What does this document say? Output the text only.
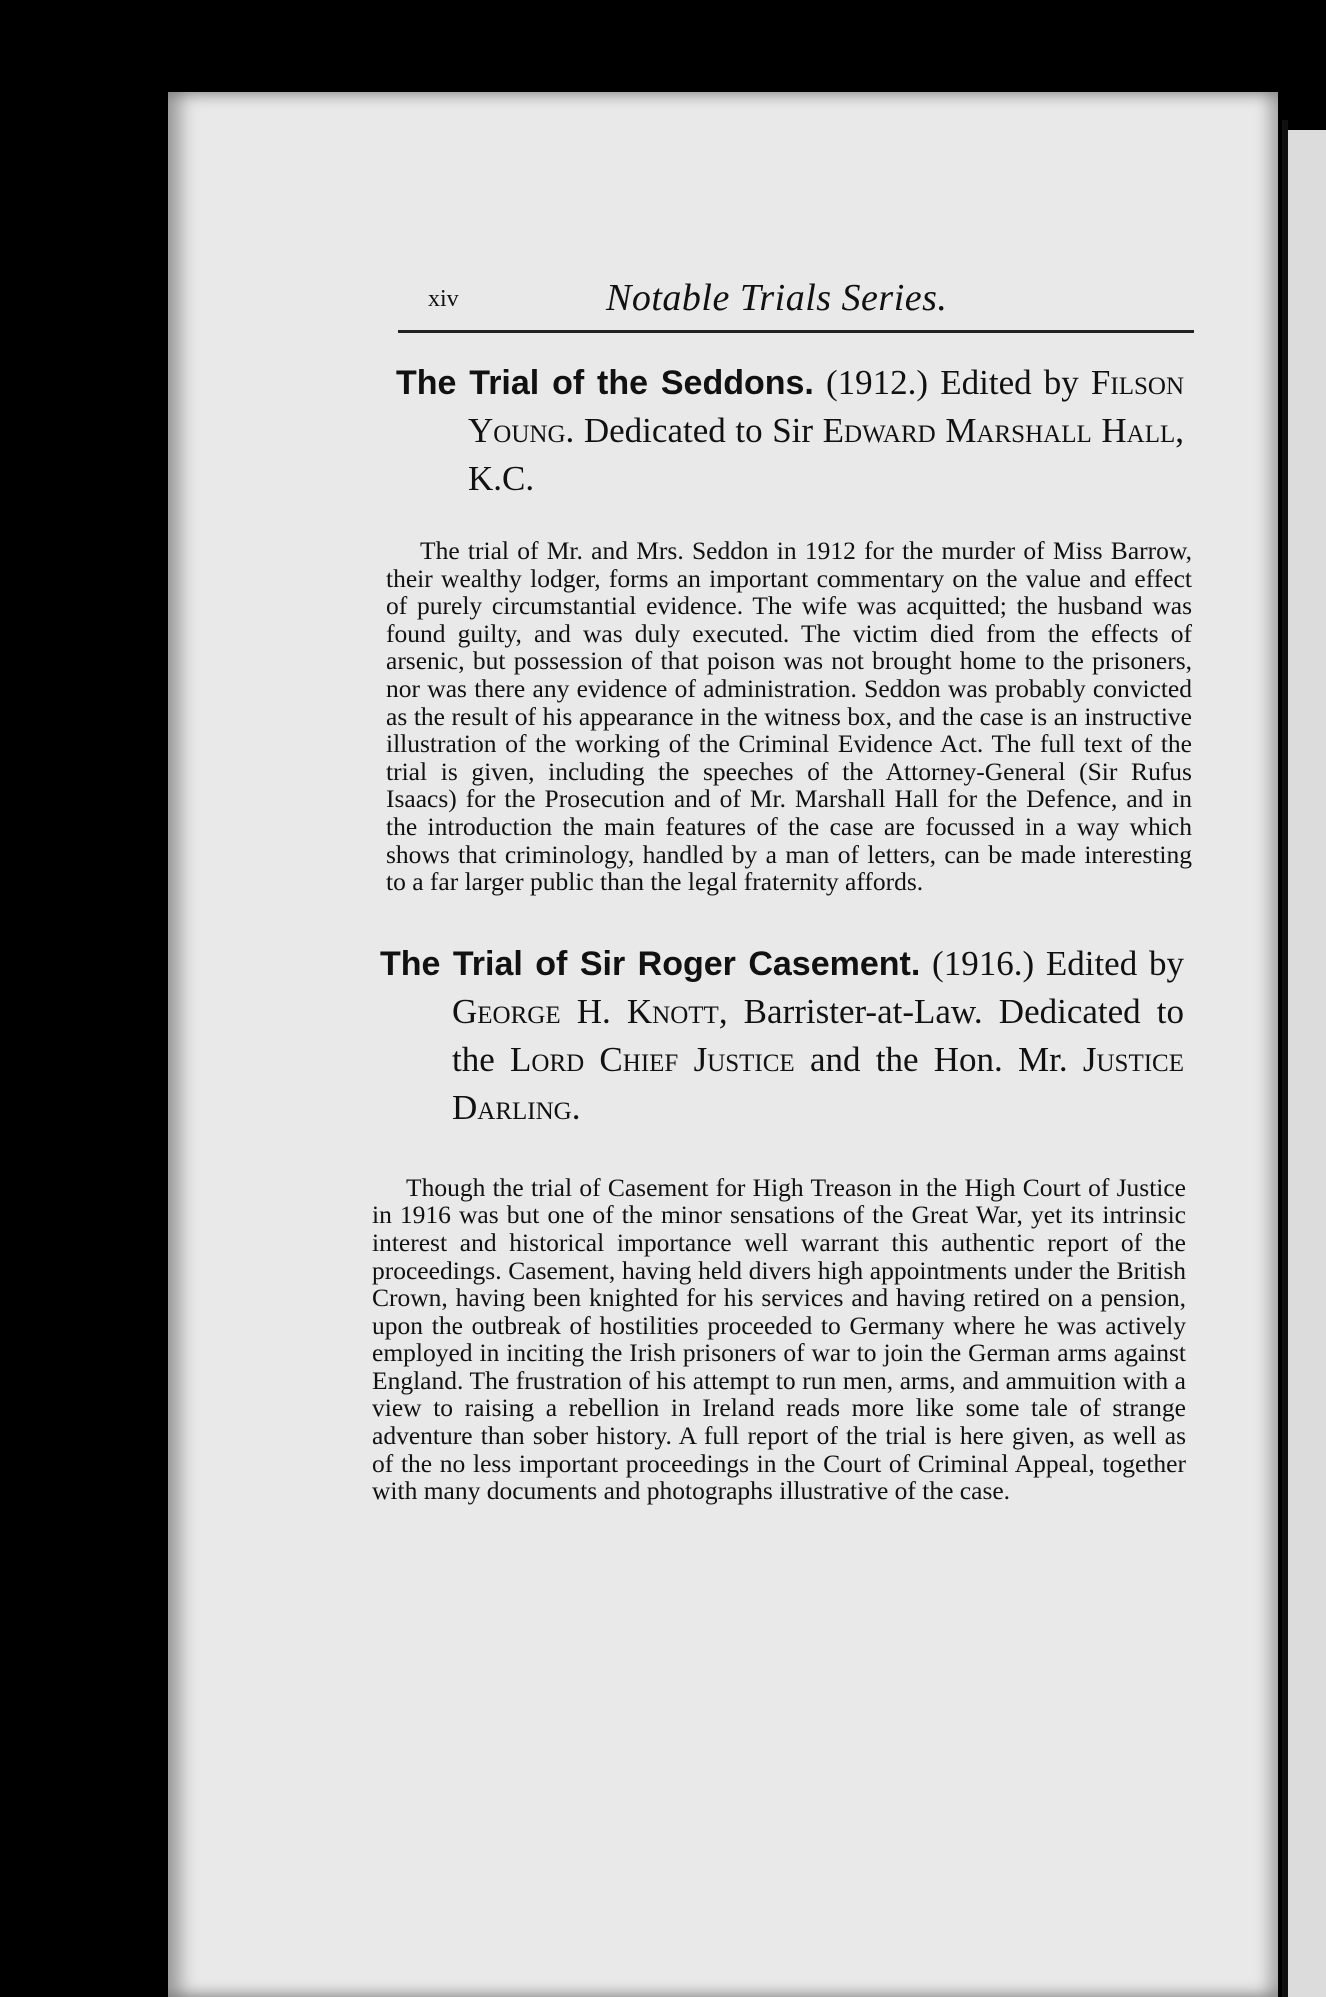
xiv	Notable Trials Series.
The Trial of the Seddons. (1912.) Edited by Filson Young. Dedicated to Sir Edward Marshall Hall, K.C.

The trial of Mr. and Mrs. Seddon in 1912 for the murder of Miss Barrow, their wealthy lodger, forms an important commentary on the value and effect of purely circumstantial evidence. The wife was acquitted; the husband was found guilty, and was duly executed. The victim died from the effects of arsenic, but possession of that poison was not brought home to the prisoners, nor was there any evidence of administration. Seddon was probably convicted as the result of his appearance in the witness box, and the case is an instructive illustration of the working of the Criminal Evidence Act. The full text of the trial is given, including the speeches of the Attorney-General (Sir Rufus Isaacs) for the Prosecution and of Mr. Marshall Hall for the Defence, and in the introduction the main features of the case are focussed in a way which shows that criminology, handled by a man of letters, can be made interesting to a far larger public than the legal fraternity affords.

The Trial of Sir Roger Casement. (1916.) Edited by George H. Knott, Barrister-at-Law. Dedicated to the Lord Chief Justice and the Hon. Mr. Justice Darling.

Though the trial of Casement for High Treason in the High Court of Justice in 1916 was but one of the minor sensations of the Great War, yet its intrinsic interest and historical importance well warrant this authentic report of the proceedings. Casement, having held divers high appointments under the British Crown, having been knighted for his services and having retired on a pension, upon the outbreak of hostilities proceeded to Germany where he was actively employed in inciting the Irish prisoners of war to join the German arms against England. The frustration of his attempt to run men, arms, and ammuition with a view to raising a rebellion in Ireland reads more like some tale of strange adventure than sober history. A full report of the trial is here given, as well as of the no less important proceedings in the Court of Criminal Appeal, together with many documents and photographs illustrative of the case.
